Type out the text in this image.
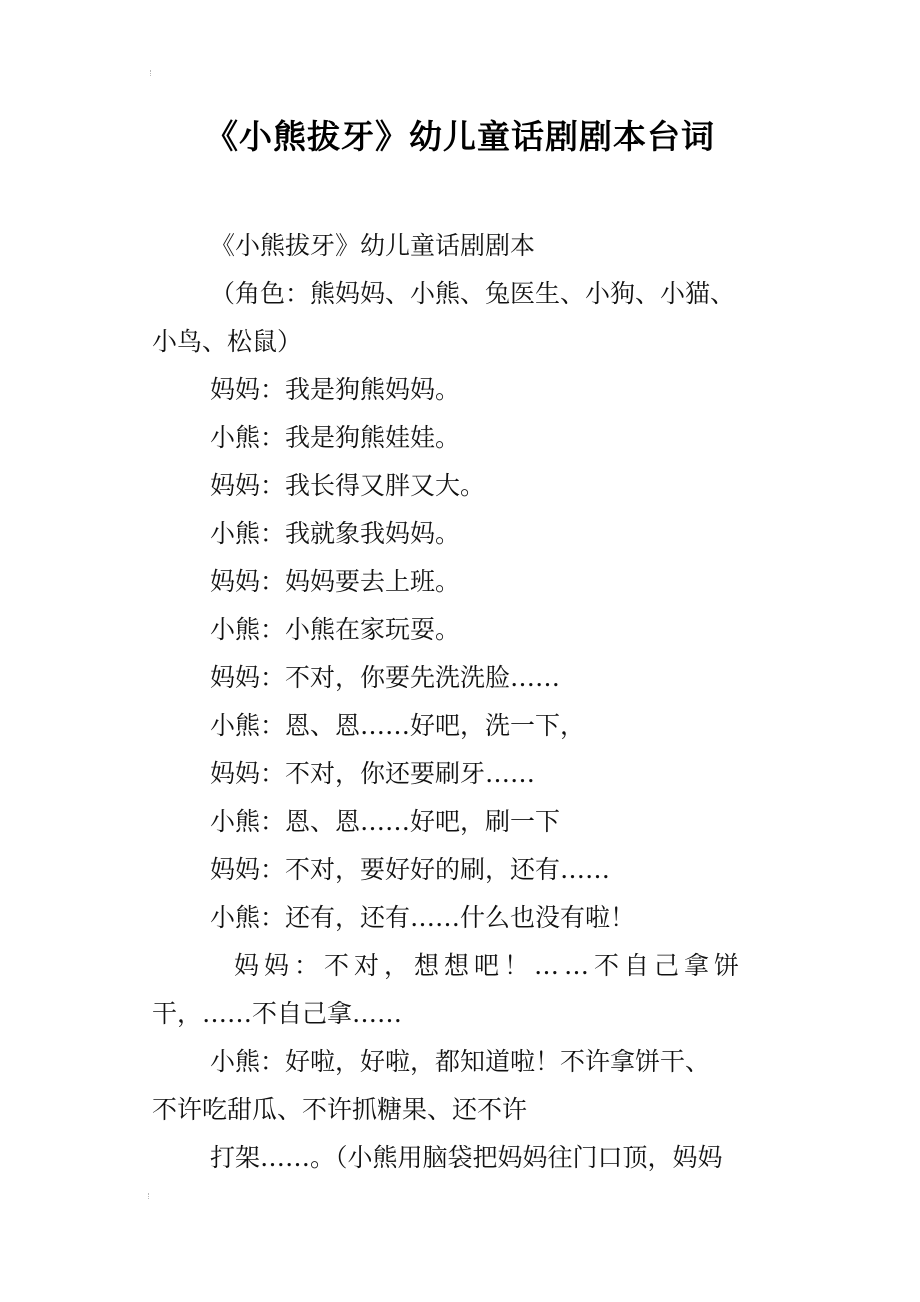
《小熊拔牙》幼儿童话剧剧本台词
《小熊拔牙》幼儿童话剧剧本
（角色：熊妈妈、小熊、兔医生、小狗、小猫、
小鸟、松鼠）
妈妈：我是狗熊妈妈。
小熊：我是狗熊娃娃。
妈妈：我长得又胖又大。
小熊：我就象我妈妈。
妈妈：妈妈要去上班。
小熊：小熊在家玩耍。
妈妈：不对，你要先洗洗脸……
小熊：恩、恩……好吧，洗一下，
妈妈：不对，你还要刷牙……
小熊：恩、恩……好吧，刷一下
妈妈：不对，要好好的刷，还有……
小熊：还有，还有……什么也没有啦！
妈妈：不对，想想吧！……不自己拿饼
干，……不自己拿……
小熊：好啦，好啦，都知道啦！不许拿饼干、
不许吃甜瓜、不许抓糖果、还不许
打架……。（小熊用脑袋把妈妈往门口顶，妈妈
